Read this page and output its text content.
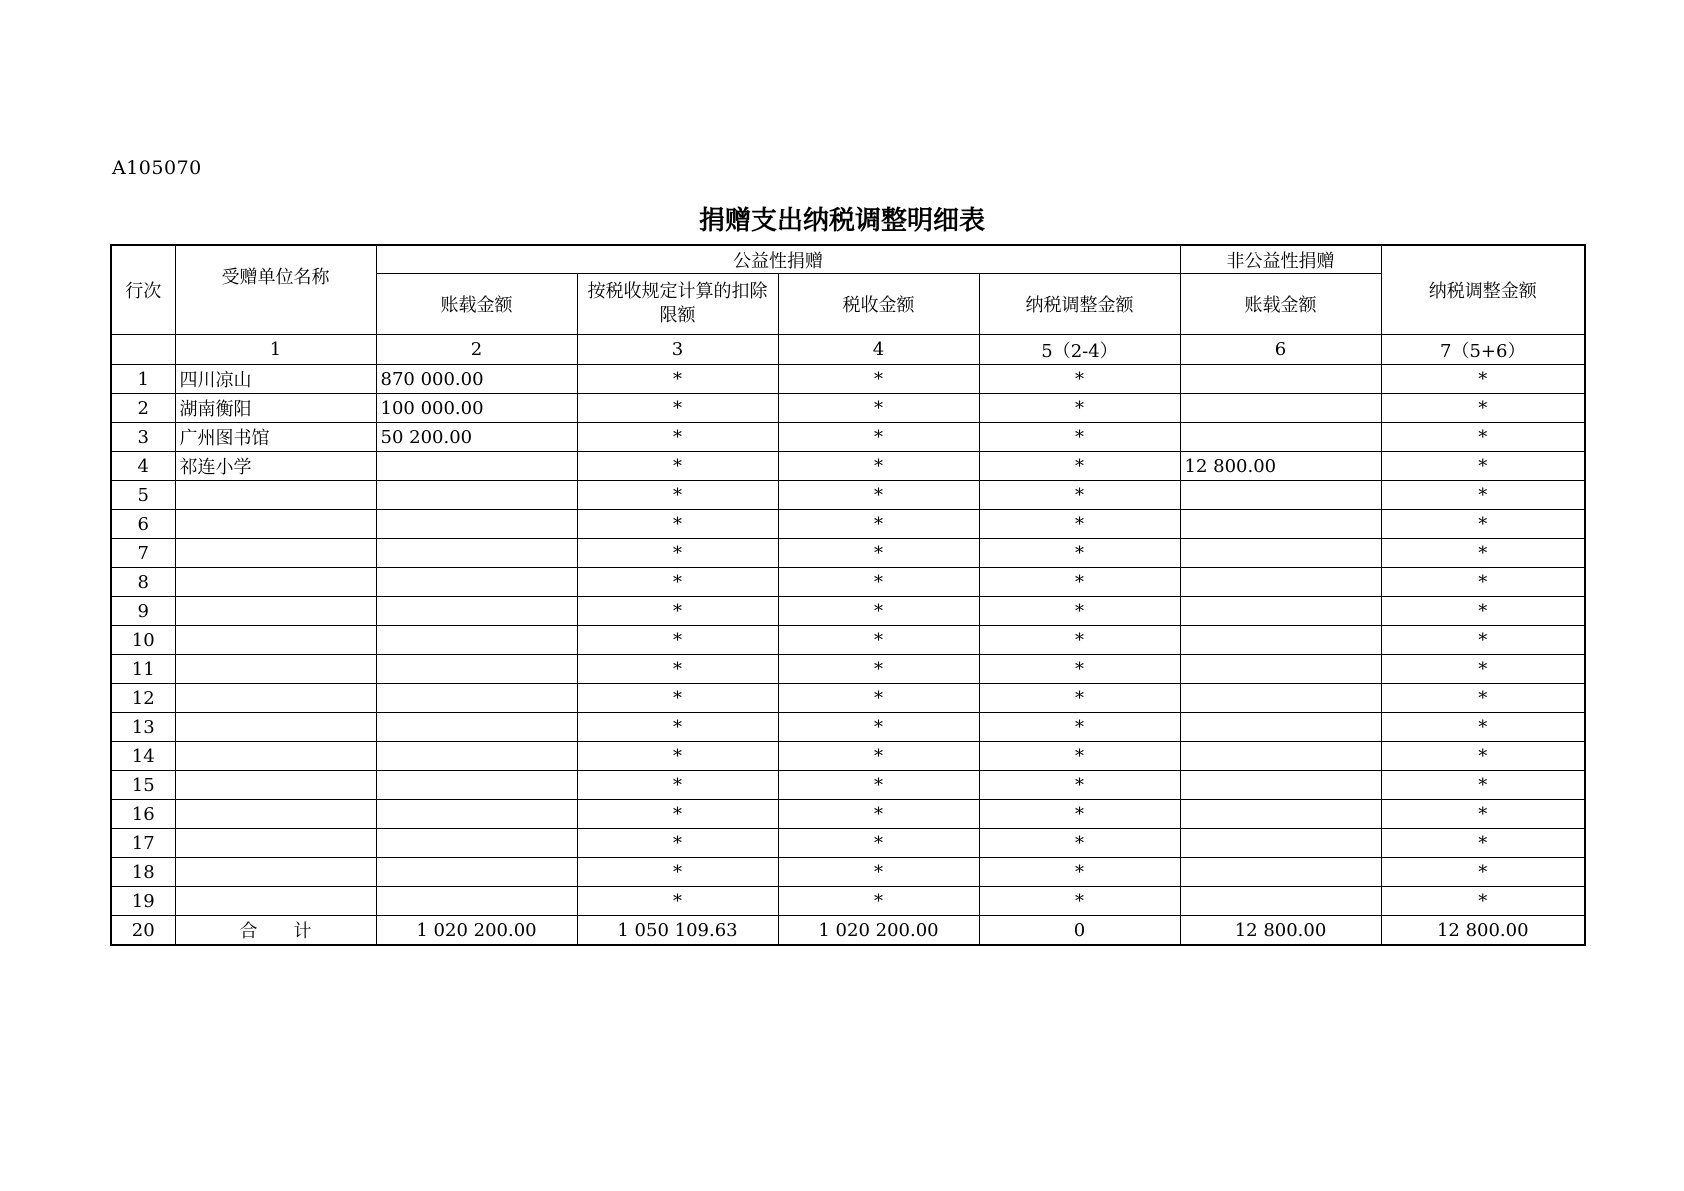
A105070
捐赠支出纳税调整明细表
行次	受赠单位名称	公益性捐赠				非公益性捐赠	纳税调整金额
		账载金额	按税收规定计算的扣除限额	税收金额	纳税调整金额	账载金额	
	1	2	3	4	5（2-4）	6	7（5+6）
1	四川凉山	870 000.00	*	*	*		*
2	湖南衡阳	100 000.00	*	*	*		*
3	广州图书馆	50 200.00	*	*	*		*
4	祁连小学		*	*	*	12 800.00	*
5			*	*	*		*
6			*	*	*		*
7			*	*	*		*
8			*	*	*		*
9			*	*	*		*
10			*	*	*		*
11			*	*	*		*
12			*	*	*		*
13			*	*	*		*
14			*	*	*		*
15			*	*	*		*
16			*	*	*		*
17			*	*	*		*
18			*	*	*		*
19			*	*	*		*
20	合　　计	1 020 200.00	1 050 109.63	1 020 200.00	0	12 800.00	12 800.00
